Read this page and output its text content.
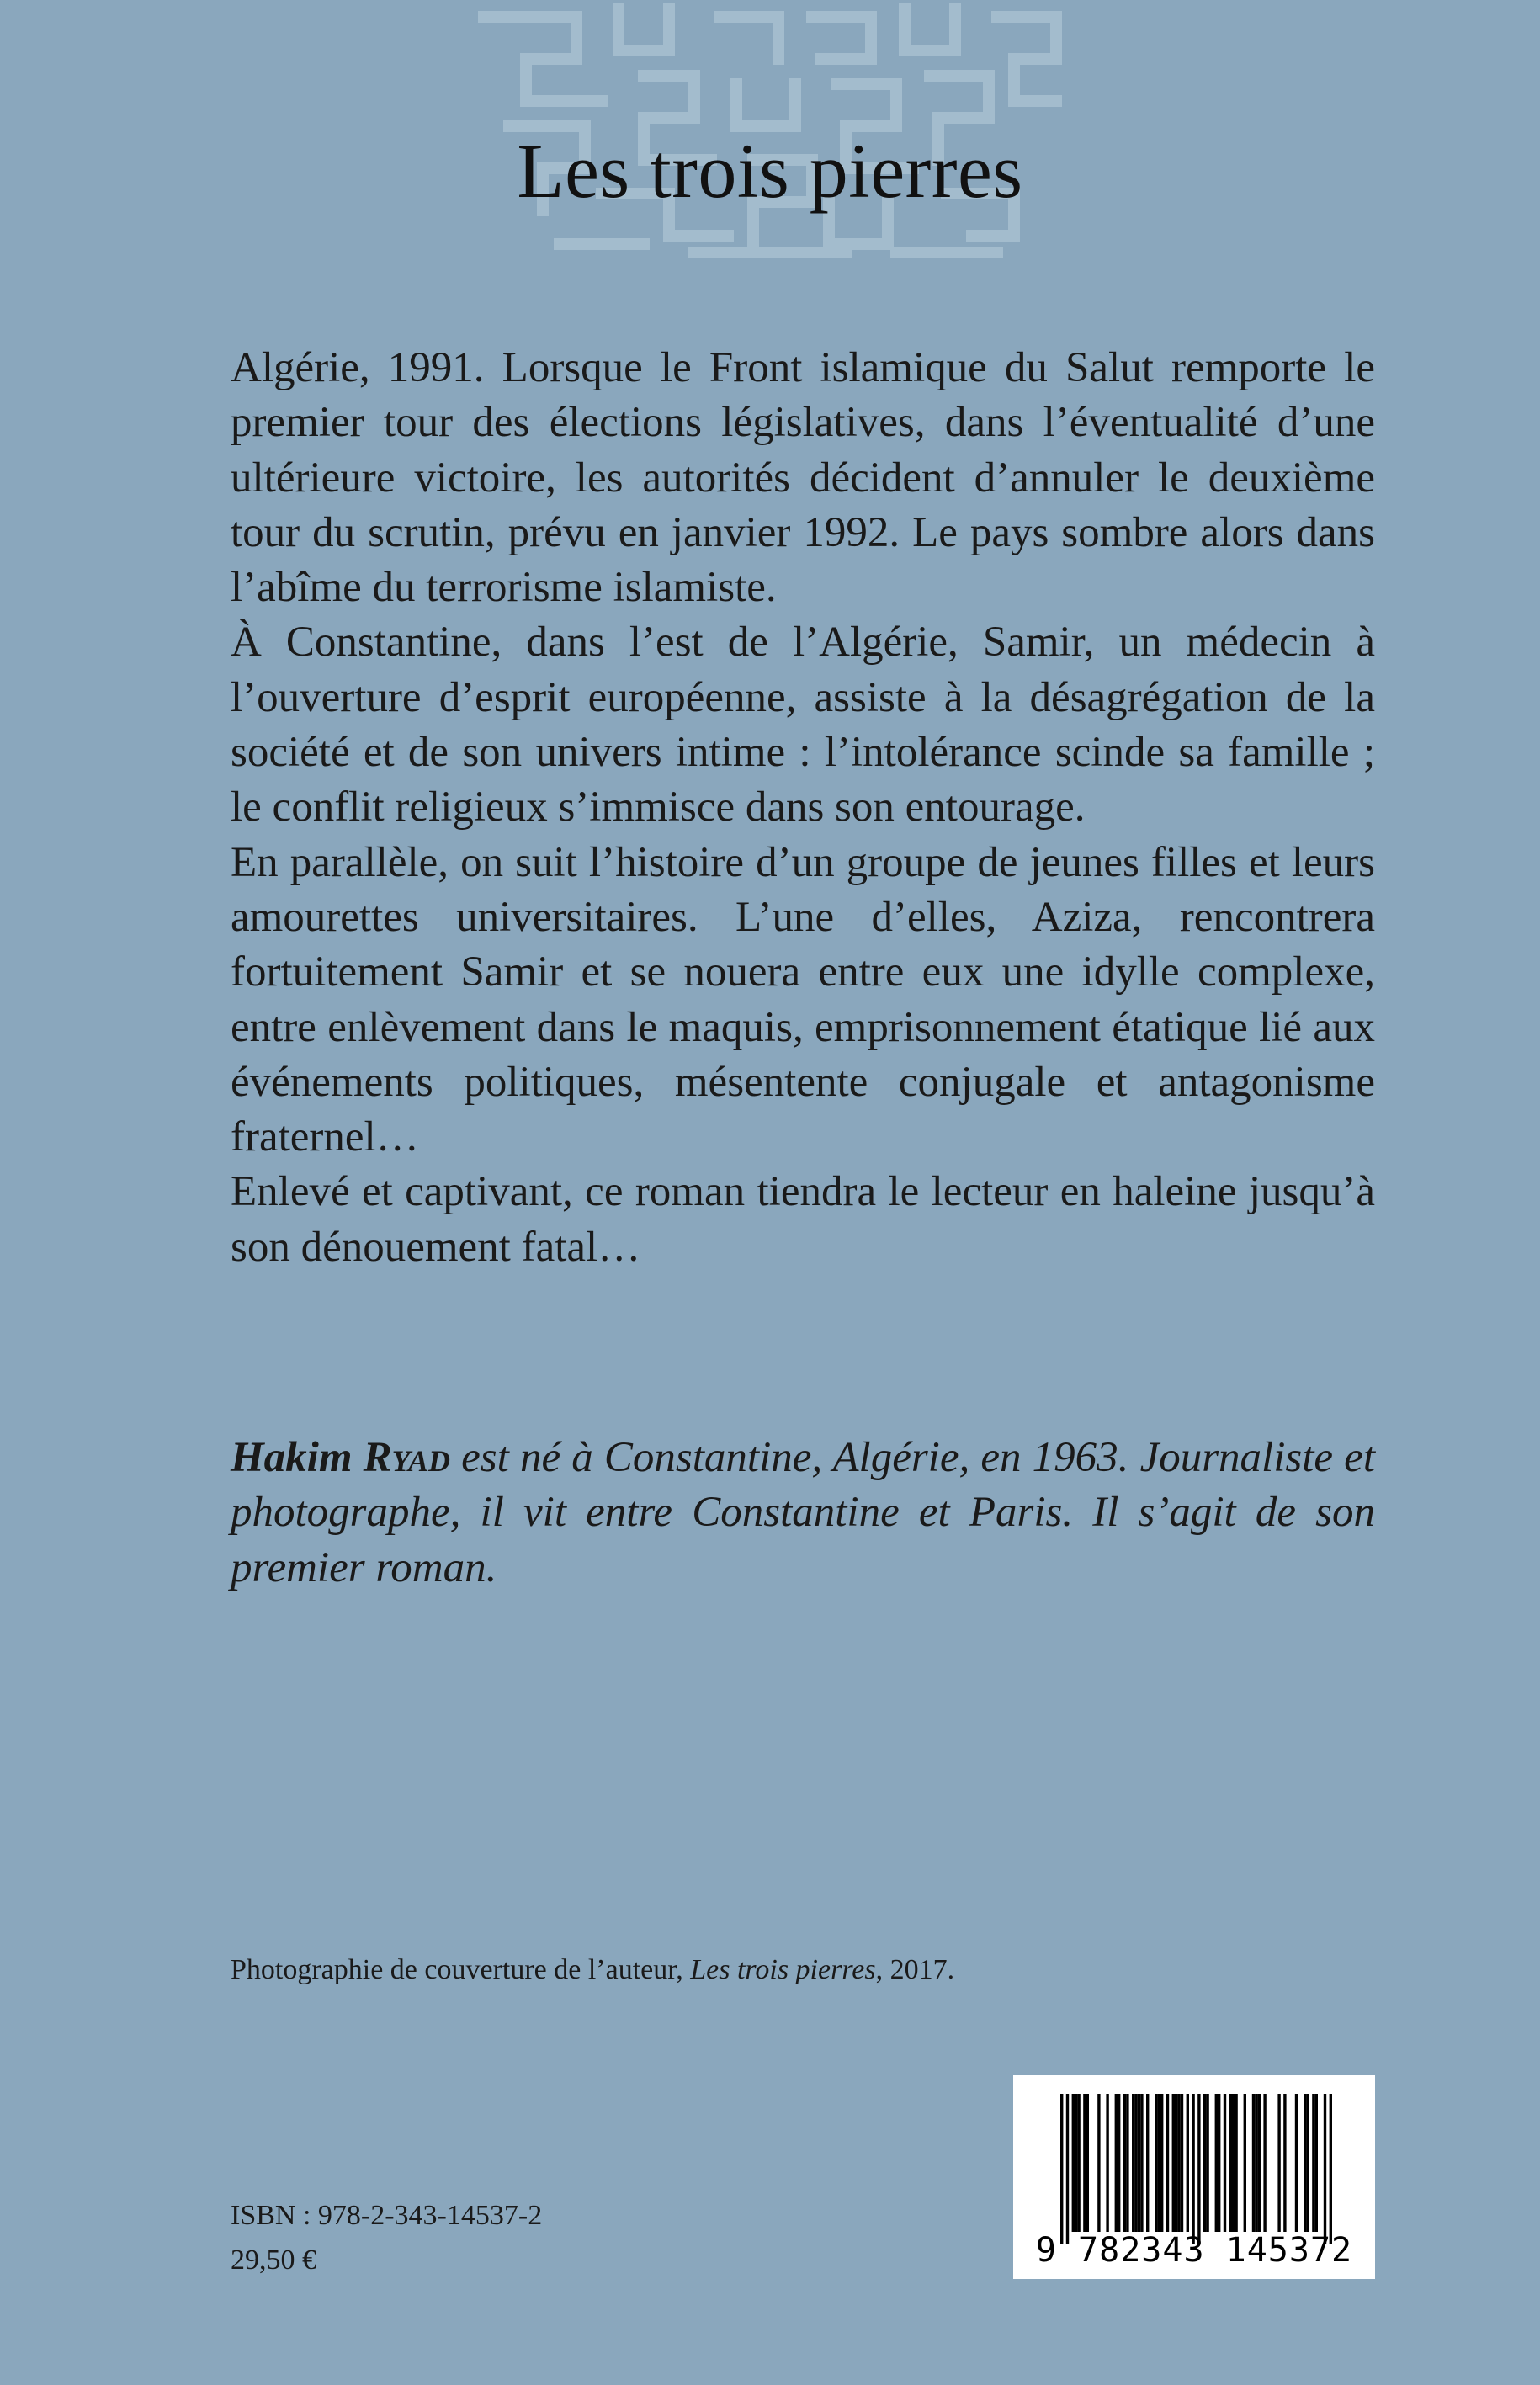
Les trois pierres

Algérie, 1991. Lorsque le Front islamique du Salut remporte le premier tour des élections législatives, dans l’éventualité d’une ultérieure victoire, les autorités décident d’annuler le deuxième tour du scrutin, prévu en janvier 1992. Le pays sombre alors dans l’abîme du terrorisme islamiste.

À Constantine, dans l’est de l’Algérie, Samir, un médecin à l’ouverture d’esprit européenne, assiste à la désagrégation de la société et de son univers intime : l’intolérance scinde sa famille ; le conflit religieux s’immisce dans son entourage.

En parallèle, on suit l’histoire d’un groupe de jeunes filles et leurs amourettes universitaires. L’une d’elles, Aziza, rencontrera fortuitement Samir et se nouera entre eux une idylle complexe, entre enlèvement dans le maquis, emprisonnement étatique lié aux événements politiques, mésentente conjugale et antagonisme fraternel…

Enlevé et captivant, ce roman tiendra le lecteur en haleine jusqu’à son dénouement fatal…

Hakim Ryad est né à Constantine, Algérie, en 1963. Journaliste et photographe, il vit entre Constantine et Paris. Il s’agit de son premier roman.
Photographie de couverture de l’auteur, Les trois pierres, 2017.
ISBN : 978-2-343-14537-2
29,50 €	9 782343 145372
